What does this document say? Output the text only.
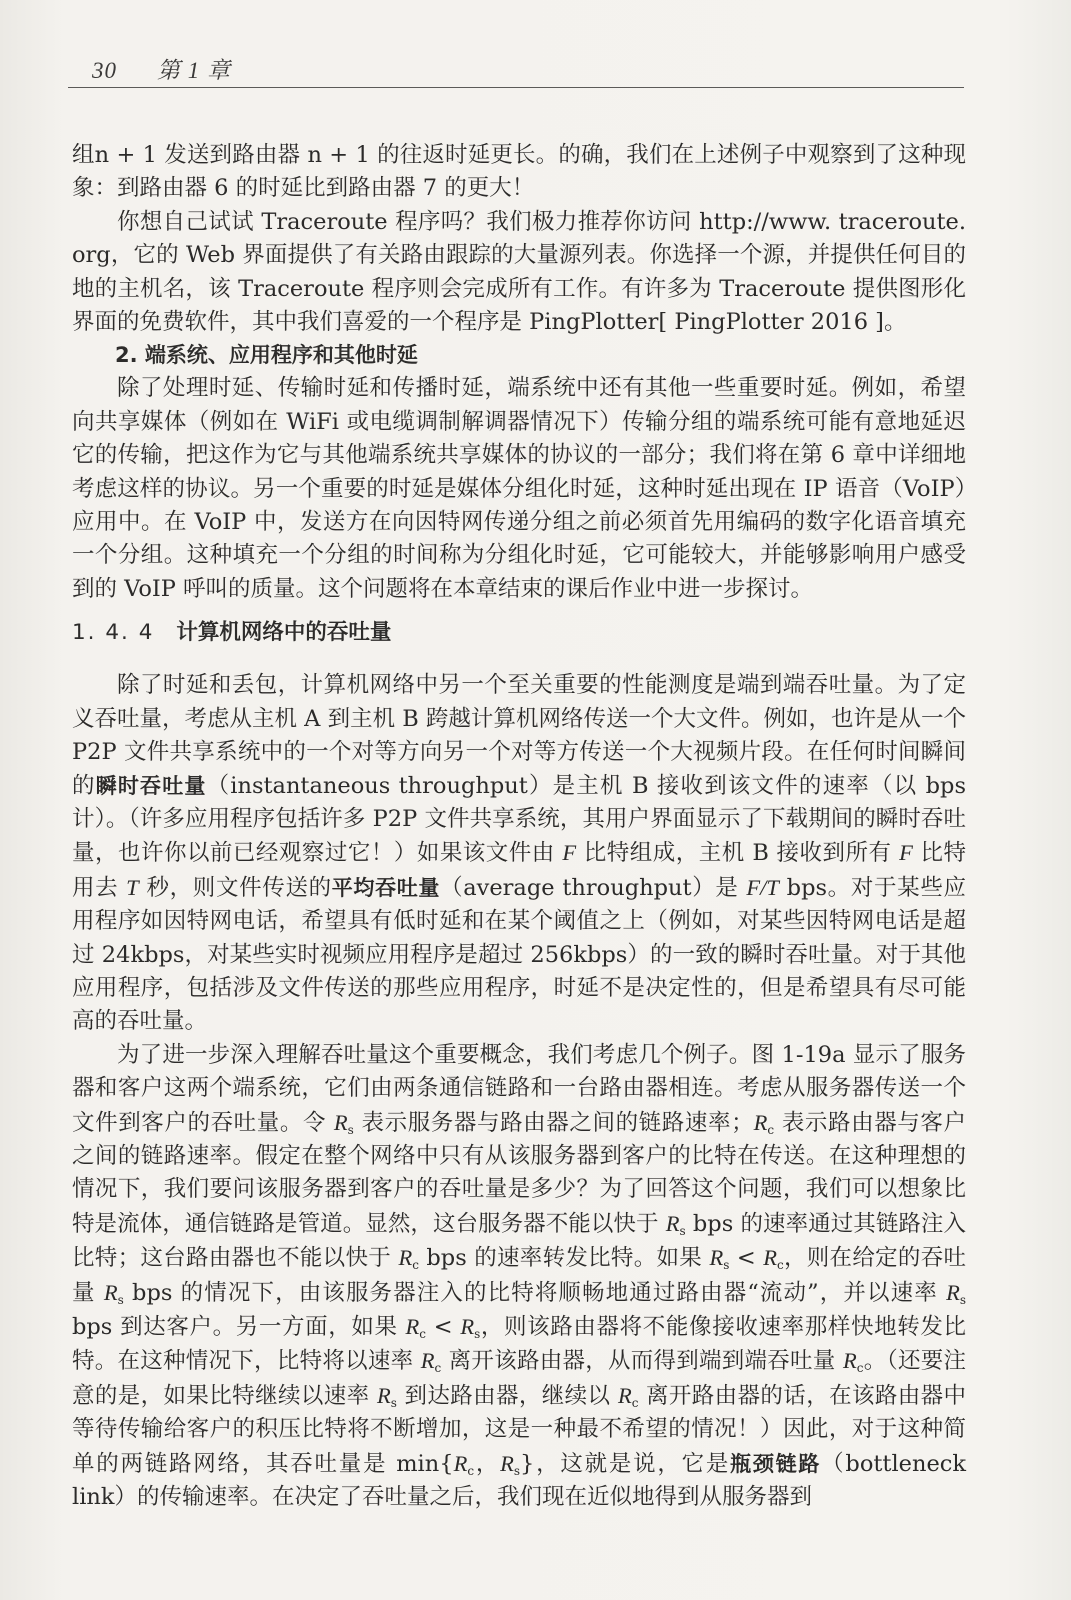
30 第 1 章

组n + 1 发送到路由器 n + 1 的往返时延更长。的确，我们在上述例子中观察到了这种现象：到路由器 6 的时延比到路由器 7 的更大！

你想自己试试 Traceroute 程序吗？我们极力推荐你访问 http://www. traceroute. org，它的 Web 界面提供了有关路由跟踪的大量源列表。你选择一个源，并提供任何目的地的主机名，该 Traceroute 程序则会完成所有工作。有许多为 Traceroute 提供图形化界面的免费软件，其中我们喜爱的一个程序是 PingPlotter[ PingPlotter 2016 ]。

2. 端系统、应用程序和其他时延

除了处理时延、传输时延和传播时延，端系统中还有其他一些重要时延。例如，希望向共享媒体（例如在 WiFi 或电缆调制解调器情况下）传输分组的端系统可能有意地延迟它的传输，把这作为它与其他端系统共享媒体的协议的一部分；我们将在第 6 章中详细地考虑这样的协议。另一个重要的时延是媒体分组化时延，这种时延出现在 IP 语音（VoIP）应用中。在 VoIP 中，发送方在向因特网传递分组之前必须首先用编码的数字化语音填充一个分组。这种填充一个分组的时间称为分组化时延，它可能较大，并能够影响用户感受到的 VoIP 呼叫的质量。这个问题将在本章结束的课后作业中进一步探讨。

1. 4. 4 计算机网络中的吞吐量

除了时延和丢包，计算机网络中另一个至关重要的性能测度是端到端吞吐量。为了定义吞吐量，考虑从主机 A 到主机 B 跨越计算机网络传送一个大文件。例如，也许是从一个 P2P 文件共享系统中的一个对等方向另一个对等方传送一个大视频片段。在任何时间瞬间的瞬时吞吐量（instantaneous throughput）是主机 B 接收到该文件的速率（以 bps 计）。（许多应用程序包括许多 P2P 文件共享系统，其用户界面显示了下载期间的瞬时吞吐量，也许你以前已经观察过它！）如果该文件由 F 比特组成，主机 B 接收到所有 F 比特用去 T 秒，则文件传送的平均吞吐量（average throughput）是 F/T bps。对于某些应用程序如因特网电话，希望具有低时延和在某个阈值之上（例如，对某些因特网电话是超过 24kbps，对某些实时视频应用程序是超过 256kbps）的一致的瞬时吞吐量。对于其他应用程序，包括涉及文件传送的那些应用程序，时延不是决定性的，但是希望具有尽可能高的吞吐量。

为了进一步深入理解吞吐量这个重要概念，我们考虑几个例子。图 1-19a 显示了服务器和客户这两个端系统，它们由两条通信链路和一台路由器相连。考虑从服务器传送一个文件到客户的吞吐量。令 $R_s$ 表示服务器与路由器之间的链路速率；$R_c$ 表示路由器与客户之间的链路速率。假定在整个网络中只有从该服务器到客户的比特在传送。在这种理想的情况下，我们要问该服务器到客户的吞吐量是多少？为了回答这个问题，我们可以想象比特是流体，通信链路是管道。显然，这台服务器不能以快于 $R_s$ bps 的速率通过其链路注入比特；这台路由器也不能以快于 $R_c$ bps 的速率转发比特。如果 $R_s < R_c$，则在给定的吞吐量 $R_s$ bps 的情况下，由该服务器注入的比特将顺畅地通过路由器“流动”，并以速率 $R_s$ bps 到达客户。另一方面，如果 $R_c < R_s$，则该路由器将不能像接收速率那样快地转发比特。在这种情况下，比特将以速率 $R_c$ 离开该路由器，从而得到端到端吞吐量 $R_c$。（还要注意的是，如果比特继续以速率 $R_s$ 到达路由器，继续以 $R_c$ 离开路由器的话，在该路由器中等待传输给客户的积压比特将不断增加，这是一种最不希望的情况！）因此，对于这种简单的两链路网络，其吞吐量是 $\min\{R_c$，$R_s$}，这就是说，它是瓶颈链路（bottleneck link）的传输速率。在决定了吞吐量之后，我们现在近似地得到从服务器到
